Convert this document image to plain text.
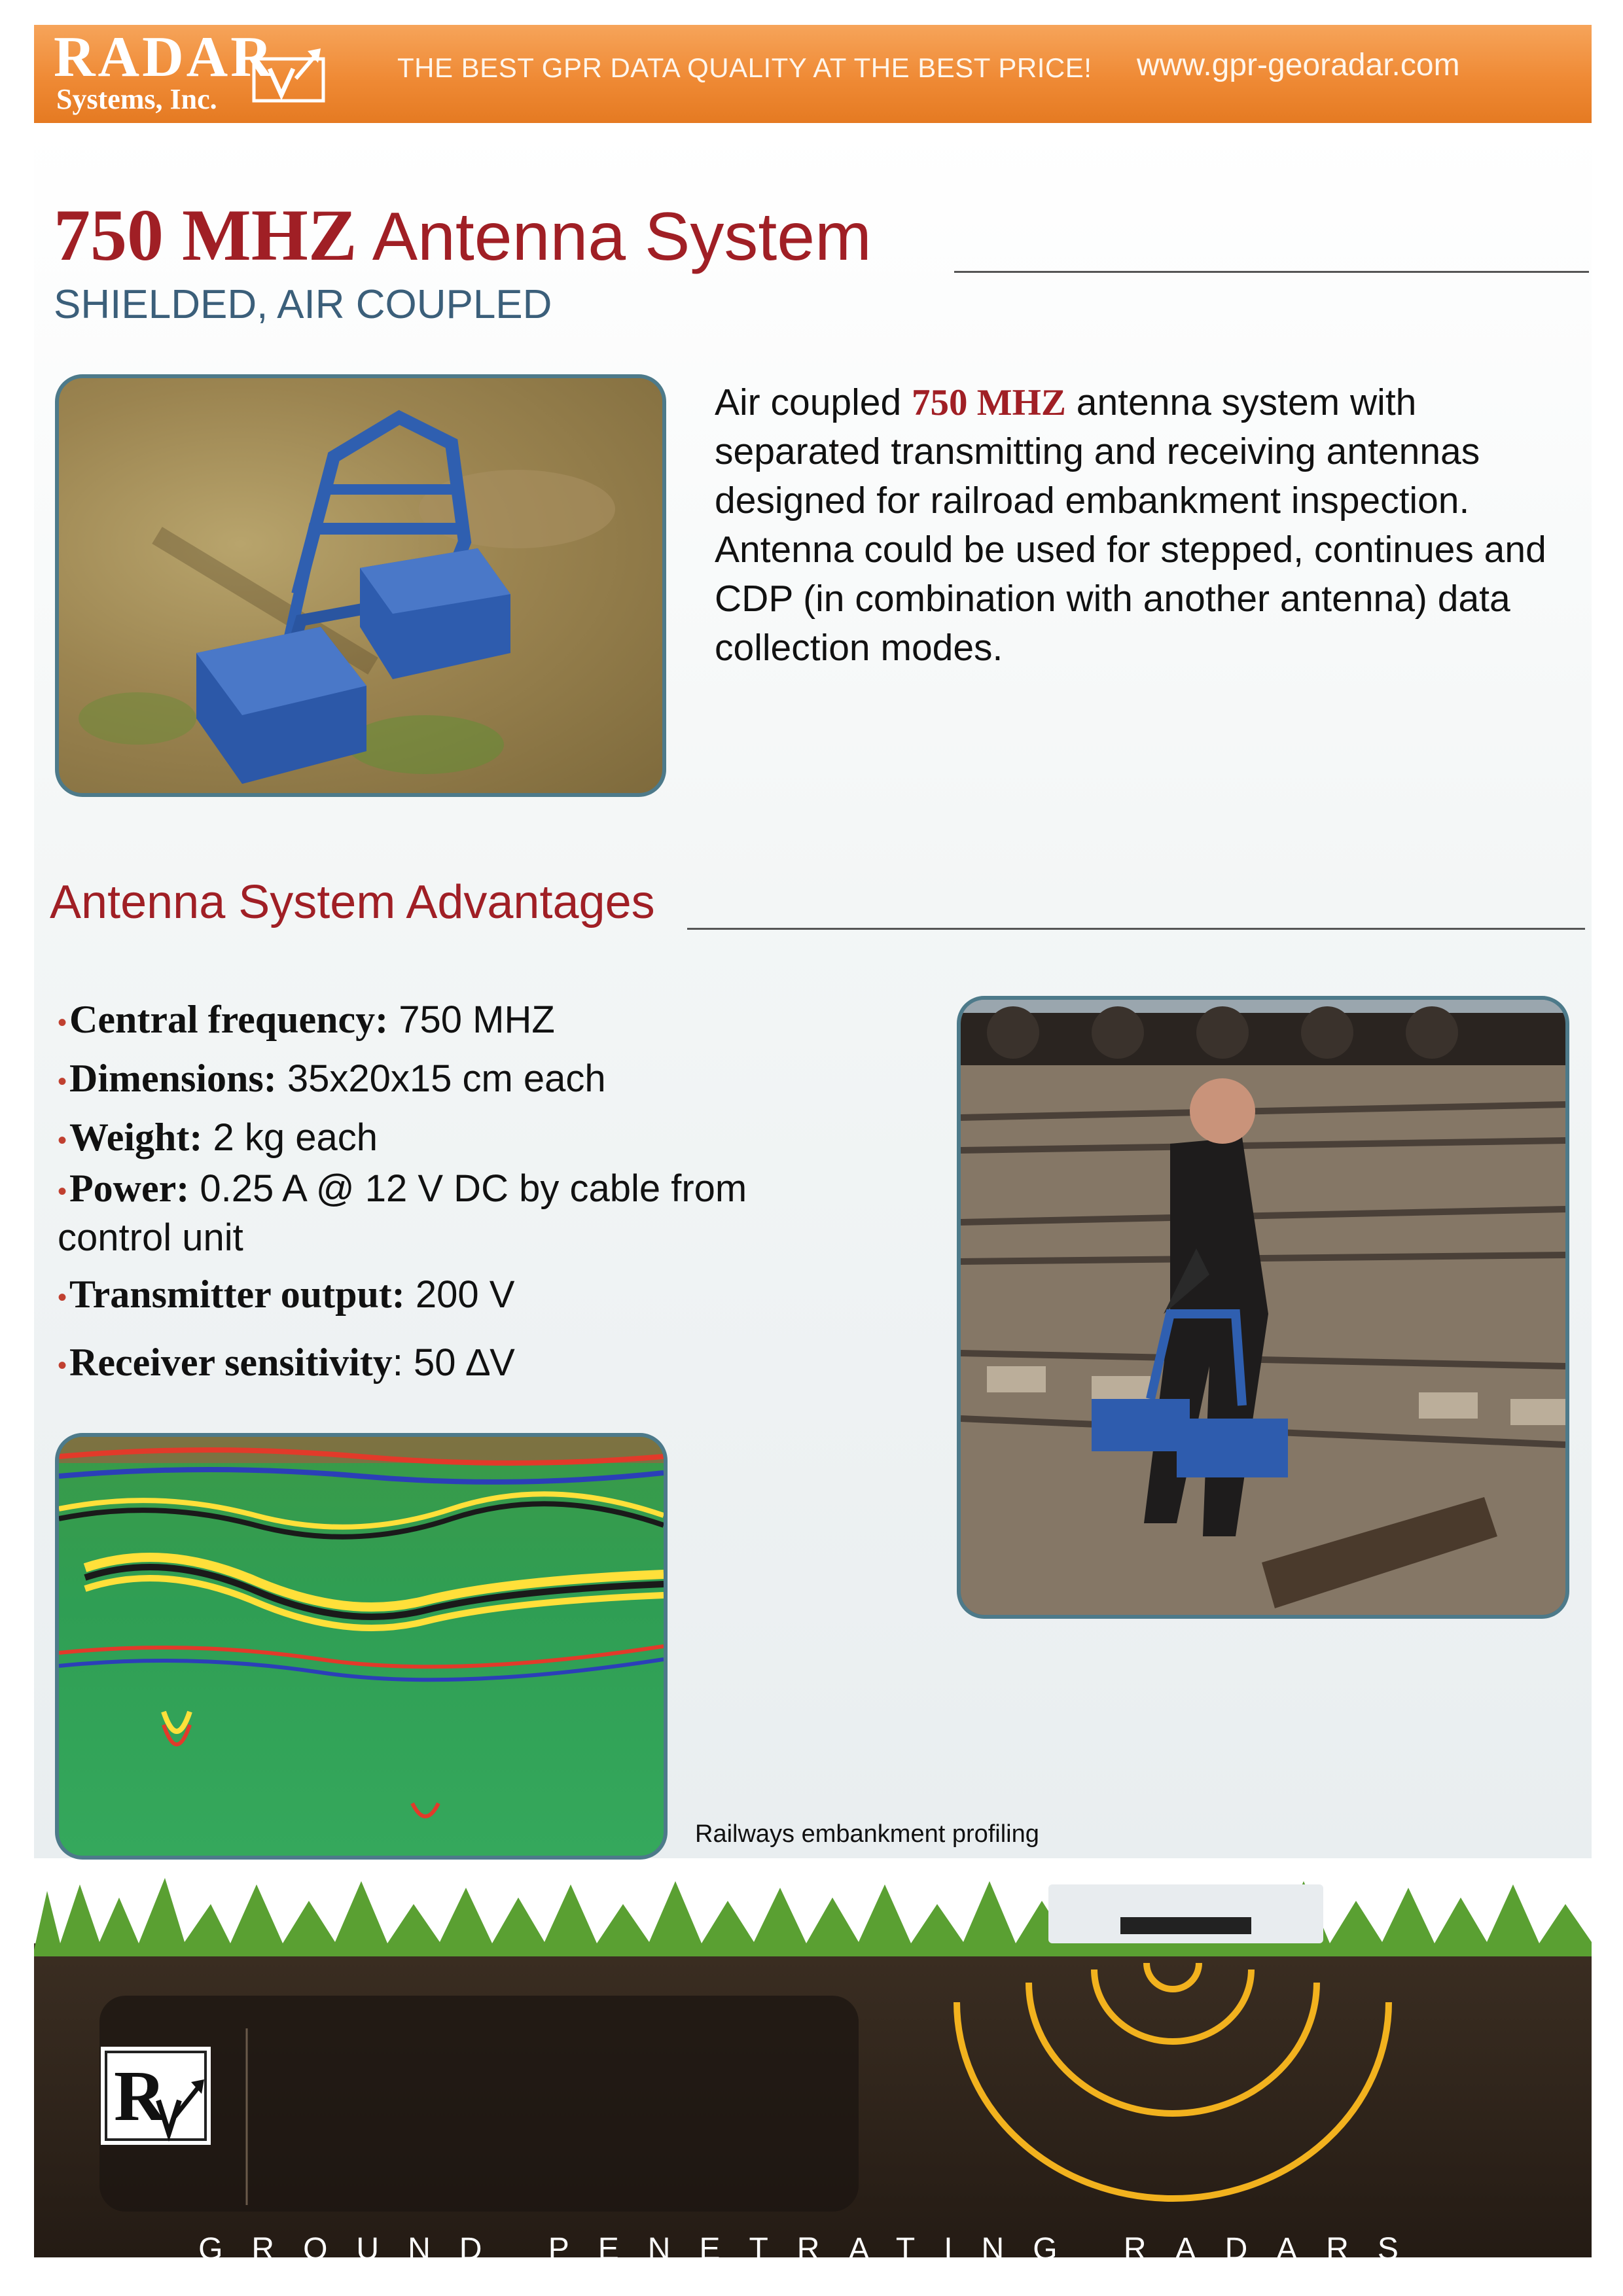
RADAR
Systems, Inc.
THE BEST GPR DATA QUALITY AT THE BEST PRICE! www.gpr-georadar.com
750 MHZ Antenna System
SHIELDED, AIR COUPLED
Air coupled 750 MHZ antenna system with separated transmitting and receiving antennas designed for railroad embankment inspection. Antenna could be used for stepped, continues and CDP (in combination with another antenna) data collection modes.
Antenna System Advantages
•Central frequency: 750 MHZ
•Dimensions: 35x20x15 cm each
•Weight: 2 kg each
•Power: 0.25 A @ 12 V DC by cable from
control unit
•Transmitter output: 200 V
•Receiver sensitivity: 50 ∆V
Railways embankment profiling
R
GROUND PENETRATING RADARS
